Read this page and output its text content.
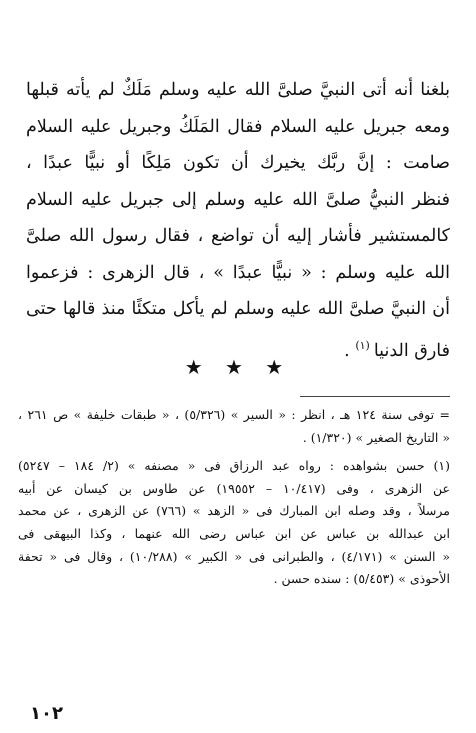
بلغنا أنه أتى النبيَّ صلىَّ الله عليه وسلم مَلَكٌ لم يأته قبلها
ومعه جبريل عليه السلام فقال المَلَكُ وجبريل عليه السلام
صامت : إنَّ ربَّك يخيرك أن تكون مَلِكًا أو نبيًّا عبدًا ،
فنظر النبيُّ صلىَّ الله عليه وسلم إلى جبريل عليه السلام
كالمستشير فأشار إليه أن تواضع ، فقال رسول الله صلىَّ
الله عليه وسلم : « نبيًّا عبدًا » ، قال الزهرى : فزعموا
أن النبيَّ صلىَّ الله عليه وسلم لم يأكل متكئًا منذ قالها حتى
فارق الدنيا$^{(١)}$ .
★ ★ ★
= توفى سنة ١٢٤ هـ ، انظر : « السير » (٥/٣٢٦) ، « طبقات خليفة » ص ٢٦١ ،
« التاريخ الصغير » (١/٣٢٠) .
(١) حسن بشواهده : رواه عبد الرزاق فى « مصنفه » (٢/ ١٨٤ – ٥٢٤٧)
عن الزهرى ، وفى (١٠/٤١٧ – ١٩٥٥٢) عن طاوس بن كيسان عن أبيه
مرسلاً ، وقد وصله ابن المبارك فى « الزهد » (٧٦٦) عن الزهرى ، عن محمد
ابن عبدالله بن عباس عن ابن عباس رضى الله عنهما ، وكذا البيهقى فى
« السنن » (٤/١٧١) ، والطبرانى فى « الكبير » (١٠/٢٨٨) ، وقال فى « تحفة
الأحوذى » (٥/٤٥٣) : سنده حسن .
١٠٢
